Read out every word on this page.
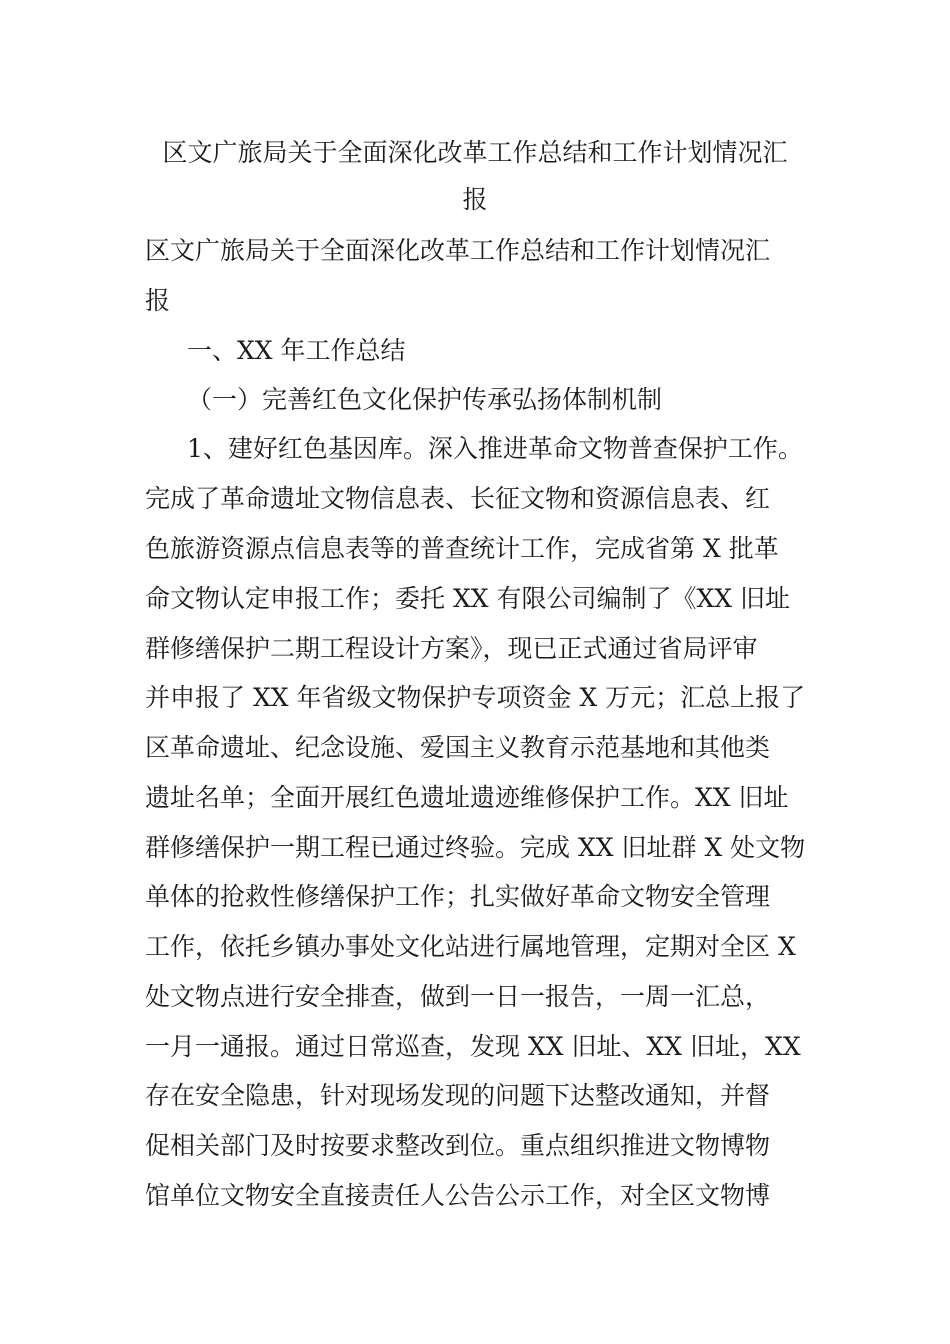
区文广旅局关于全面深化改革工作总结和工作计划情况汇
报

区文广旅局关于全面深化改革工作总结和工作计划情况汇

报

一、XX 年工作总结

（一）完善红色文化保护传承弘扬体制机制

1、建好红色基因库。深入推进革命文物普查保护工作。

完成了革命遗址文物信息表、长征文物和资源信息表、红

色旅游资源点信息表等的普查统计工作，完成省第 X 批革

命文物认定申报工作；委托 XX 有限公司编制了《XX 旧址

群修缮保护二期工程设计方案》，现已正式通过省局评审

并申报了 XX 年省级文物保护专项资金 X 万元；汇总上报了

区革命遗址、纪念设施、爱国主义教育示范基地和其他类

遗址名单；全面开展红色遗址遗迹维修保护工作。XX 旧址

群修缮保护一期工程已通过终验。完成 XX 旧址群 X 处文物

单体的抢救性修缮保护工作；扎实做好革命文物安全管理

工作，依托乡镇办事处文化站进行属地管理，定期对全区 X

处文物点进行安全排查，做到一日一报告，一周一汇总，

一月一通报。通过日常巡查，发现 XX 旧址、XX 旧址，XX

存在安全隐患，针对现场发现的问题下达整改通知，并督

促相关部门及时按要求整改到位。重点组织推进文物博物

馆单位文物安全直接责任人公告公示工作，对全区文物博
